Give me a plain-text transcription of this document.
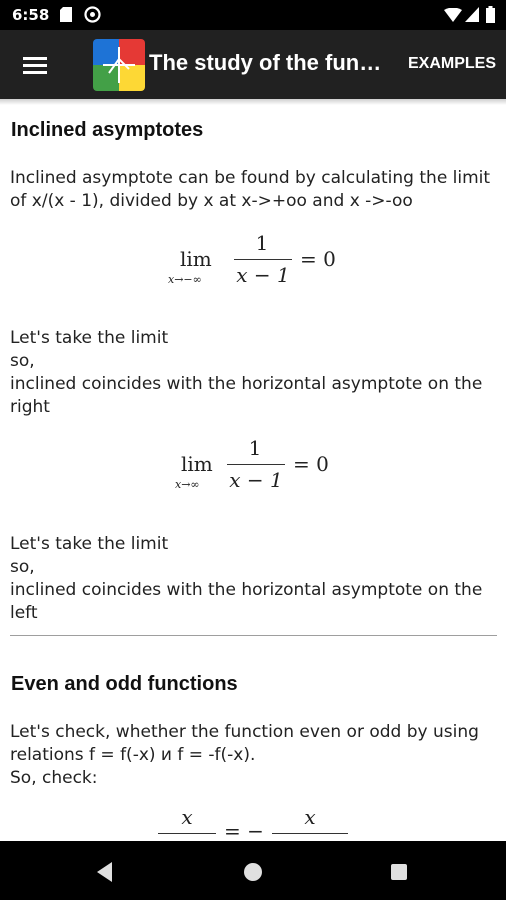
6:58
The study of the fun…	EXAMPLES
Inclined asymptotes
Inclined asymptote can be found by calculating the limit
of x/(x - 1), divided by x at x->+oo and x ->-oo
lim
x→−∞
1
x − 1
= 0
Let's take the limit
so,
inclined coincides with the horizontal asymptote on the
right
lim
x→∞
1
x − 1
= 0
Let's take the limit
so,
inclined coincides with the horizontal asymptote on the
left
Even and odd functions
Let's check, whether the function even or odd by using
relations f = f(-x) и f = -f(-x).
So, check:
x
= −
x
